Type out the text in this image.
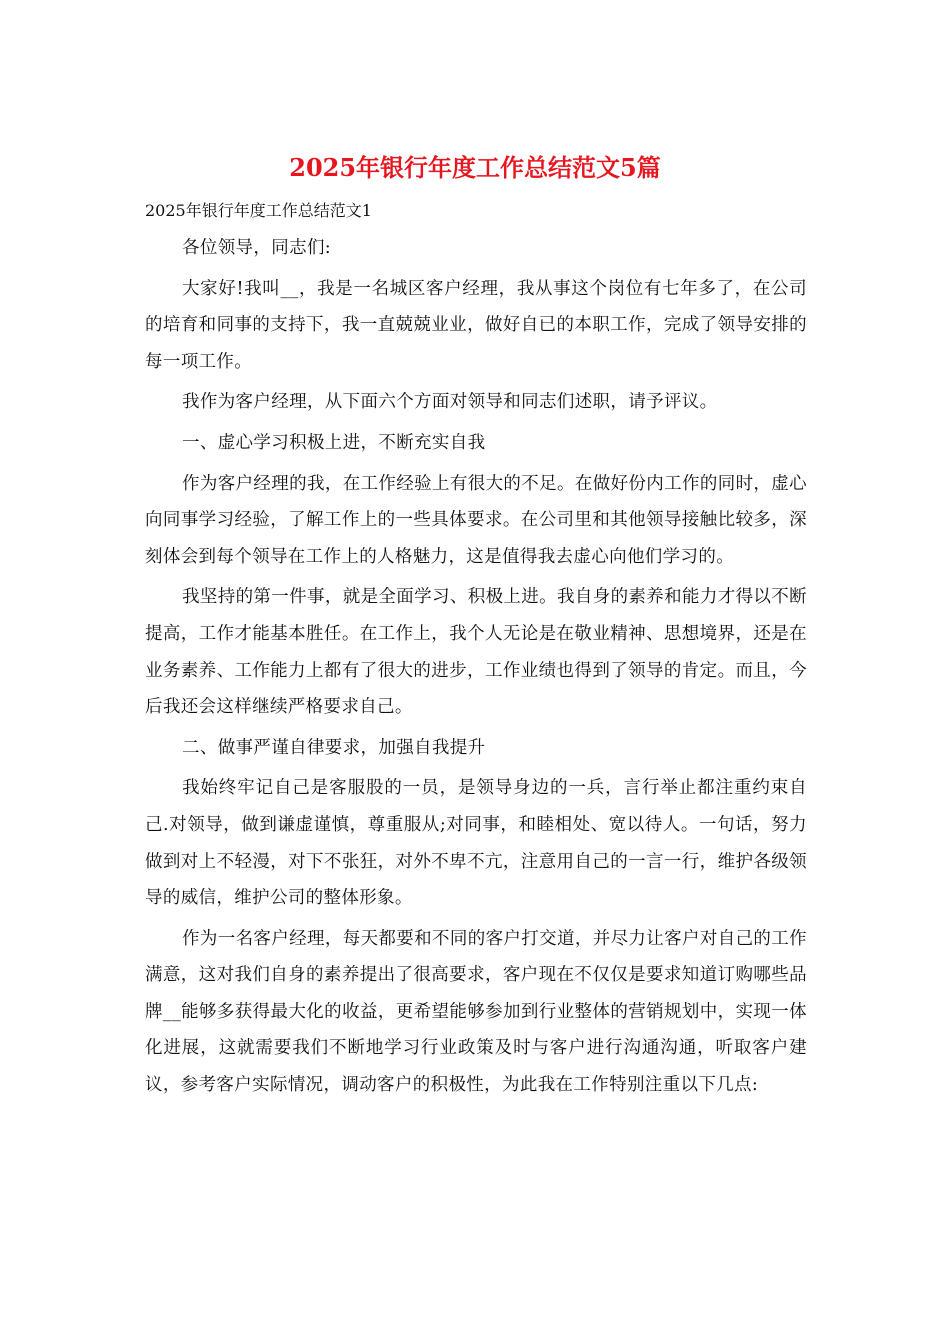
2025年银行年度工作总结范文5篇
2025年银行年度工作总结范文1

各位领导，同志们:

大家好!我叫__，我是一名城区客户经理，我从事这个岗位有七年多了，在公司的培育和同事的支持下，我一直兢兢业业，做好自已的本职工作，完成了领导安排的每一项工作。

我作为客户经理，从下面六个方面对领导和同志们述职，请予评议。

一、虚心学习积极上进，不断充实自我

作为客户经理的我，在工作经验上有很大的不足。在做好份内工作的同时，虚心向同事学习经验，了解工作上的一些具体要求。在公司里和其他领导接触比较多，深刻体会到每个领导在工作上的人格魅力，这是值得我去虚心向他们学习的。

我坚持的第一件事，就是全面学习、积极上进。我自身的素养和能力才得以不断提高，工作才能基本胜任。在工作上，我个人无论是在敬业精神、思想境界，还是在业务素养、工作能力上都有了很大的进步，工作业绩也得到了领导的肯定。而且，今后我还会这样继续严格要求自己。

二、做事严谨自律要求，加强自我提升

我始终牢记自己是客服股的一员，是领导身边的一兵，言行举止都注重约束自己.对领导，做到谦虚谨慎，尊重服从;对同事，和睦相处、宽以待人。一句话，努力做到对上不轻漫，对下不张狂，对外不卑不亢，注意用自己的一言一行，维护各级领导的威信，维护公司的整体形象。

作为一名客户经理，每天都要和不同的客户打交道，并尽力让客户对自己的工作满意，这对我们自身的素养提出了很高要求，客户现在不仅仅是要求知道订购哪些品牌__能够多获得最大化的收益，更希望能够参加到行业整体的营销规划中，实现一体化进展，这就需要我们不断地学习行业政策及时与客户进行沟通沟通，听取客户建议，参考客户实际情况，调动客户的积极性，为此我在工作特别注重以下几点:
